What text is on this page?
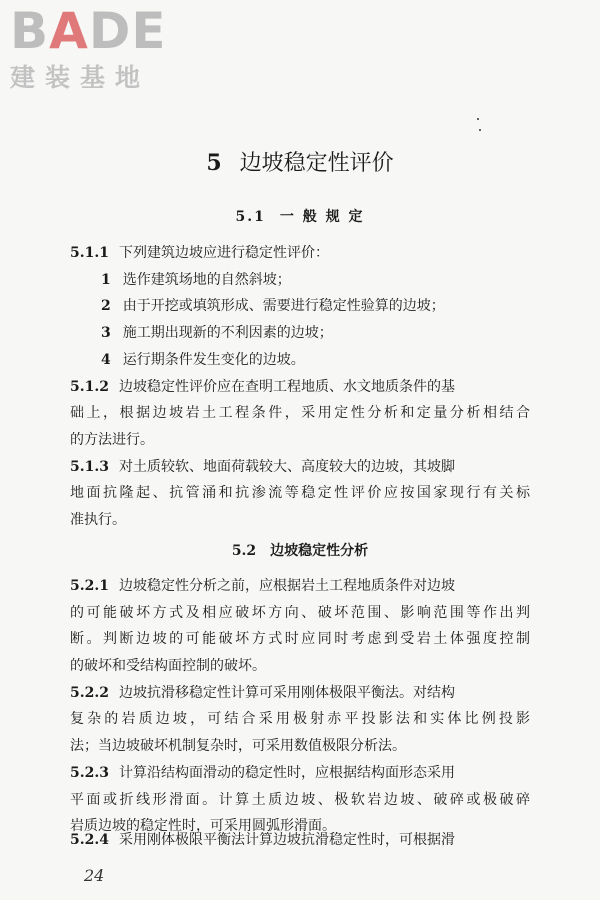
B A D E
建装基地
5 边坡稳定性评价
5.1 一 般 规 定
5.1.1 下列建筑边坡应进行稳定性评价：
1 选作建筑场地的自然斜坡；
2 由于开挖或填筑形成、需要进行稳定性验算的边坡；
3 施工期出现新的不利因素的边坡；
4 运行期条件发生变化的边坡。
5.1.2 边坡稳定性评价应在查明工程地质、水文地质条件的基
础上，根据边坡岩土工程条件，采用定性分析和定量分析相结合
的方法进行。
5.1.3 对土质较软、地面荷载较大、高度较大的边坡，其坡脚
地面抗隆起、抗管涌和抗渗流等稳定性评价应按国家现行有关标
准执行。
5.2 边坡稳定性分析
5.2.1 边坡稳定性分析之前，应根据岩土工程地质条件对边坡
的可能破坏方式及相应破坏方向、破坏范围、影响范围等作出判
断。判断边坡的可能破坏方式时应同时考虑到受岩土体强度控制
的破坏和受结构面控制的破坏。
5.2.2 边坡抗滑移稳定性计算可采用刚体极限平衡法。对结构
复杂的岩质边坡，可结合采用极射赤平投影法和实体比例投影
法；当边坡破坏机制复杂时，可采用数值极限分析法。
5.2.3 计算沿结构面滑动的稳定性时，应根据结构面形态采用
平面或折线形滑面。计算土质边坡、极软岩边坡、破碎或极破碎
岩质边坡的稳定性时，可采用圆弧形滑面。
5.2.4 采用刚体极限平衡法计算边坡抗滑稳定性时，可根据滑
24
